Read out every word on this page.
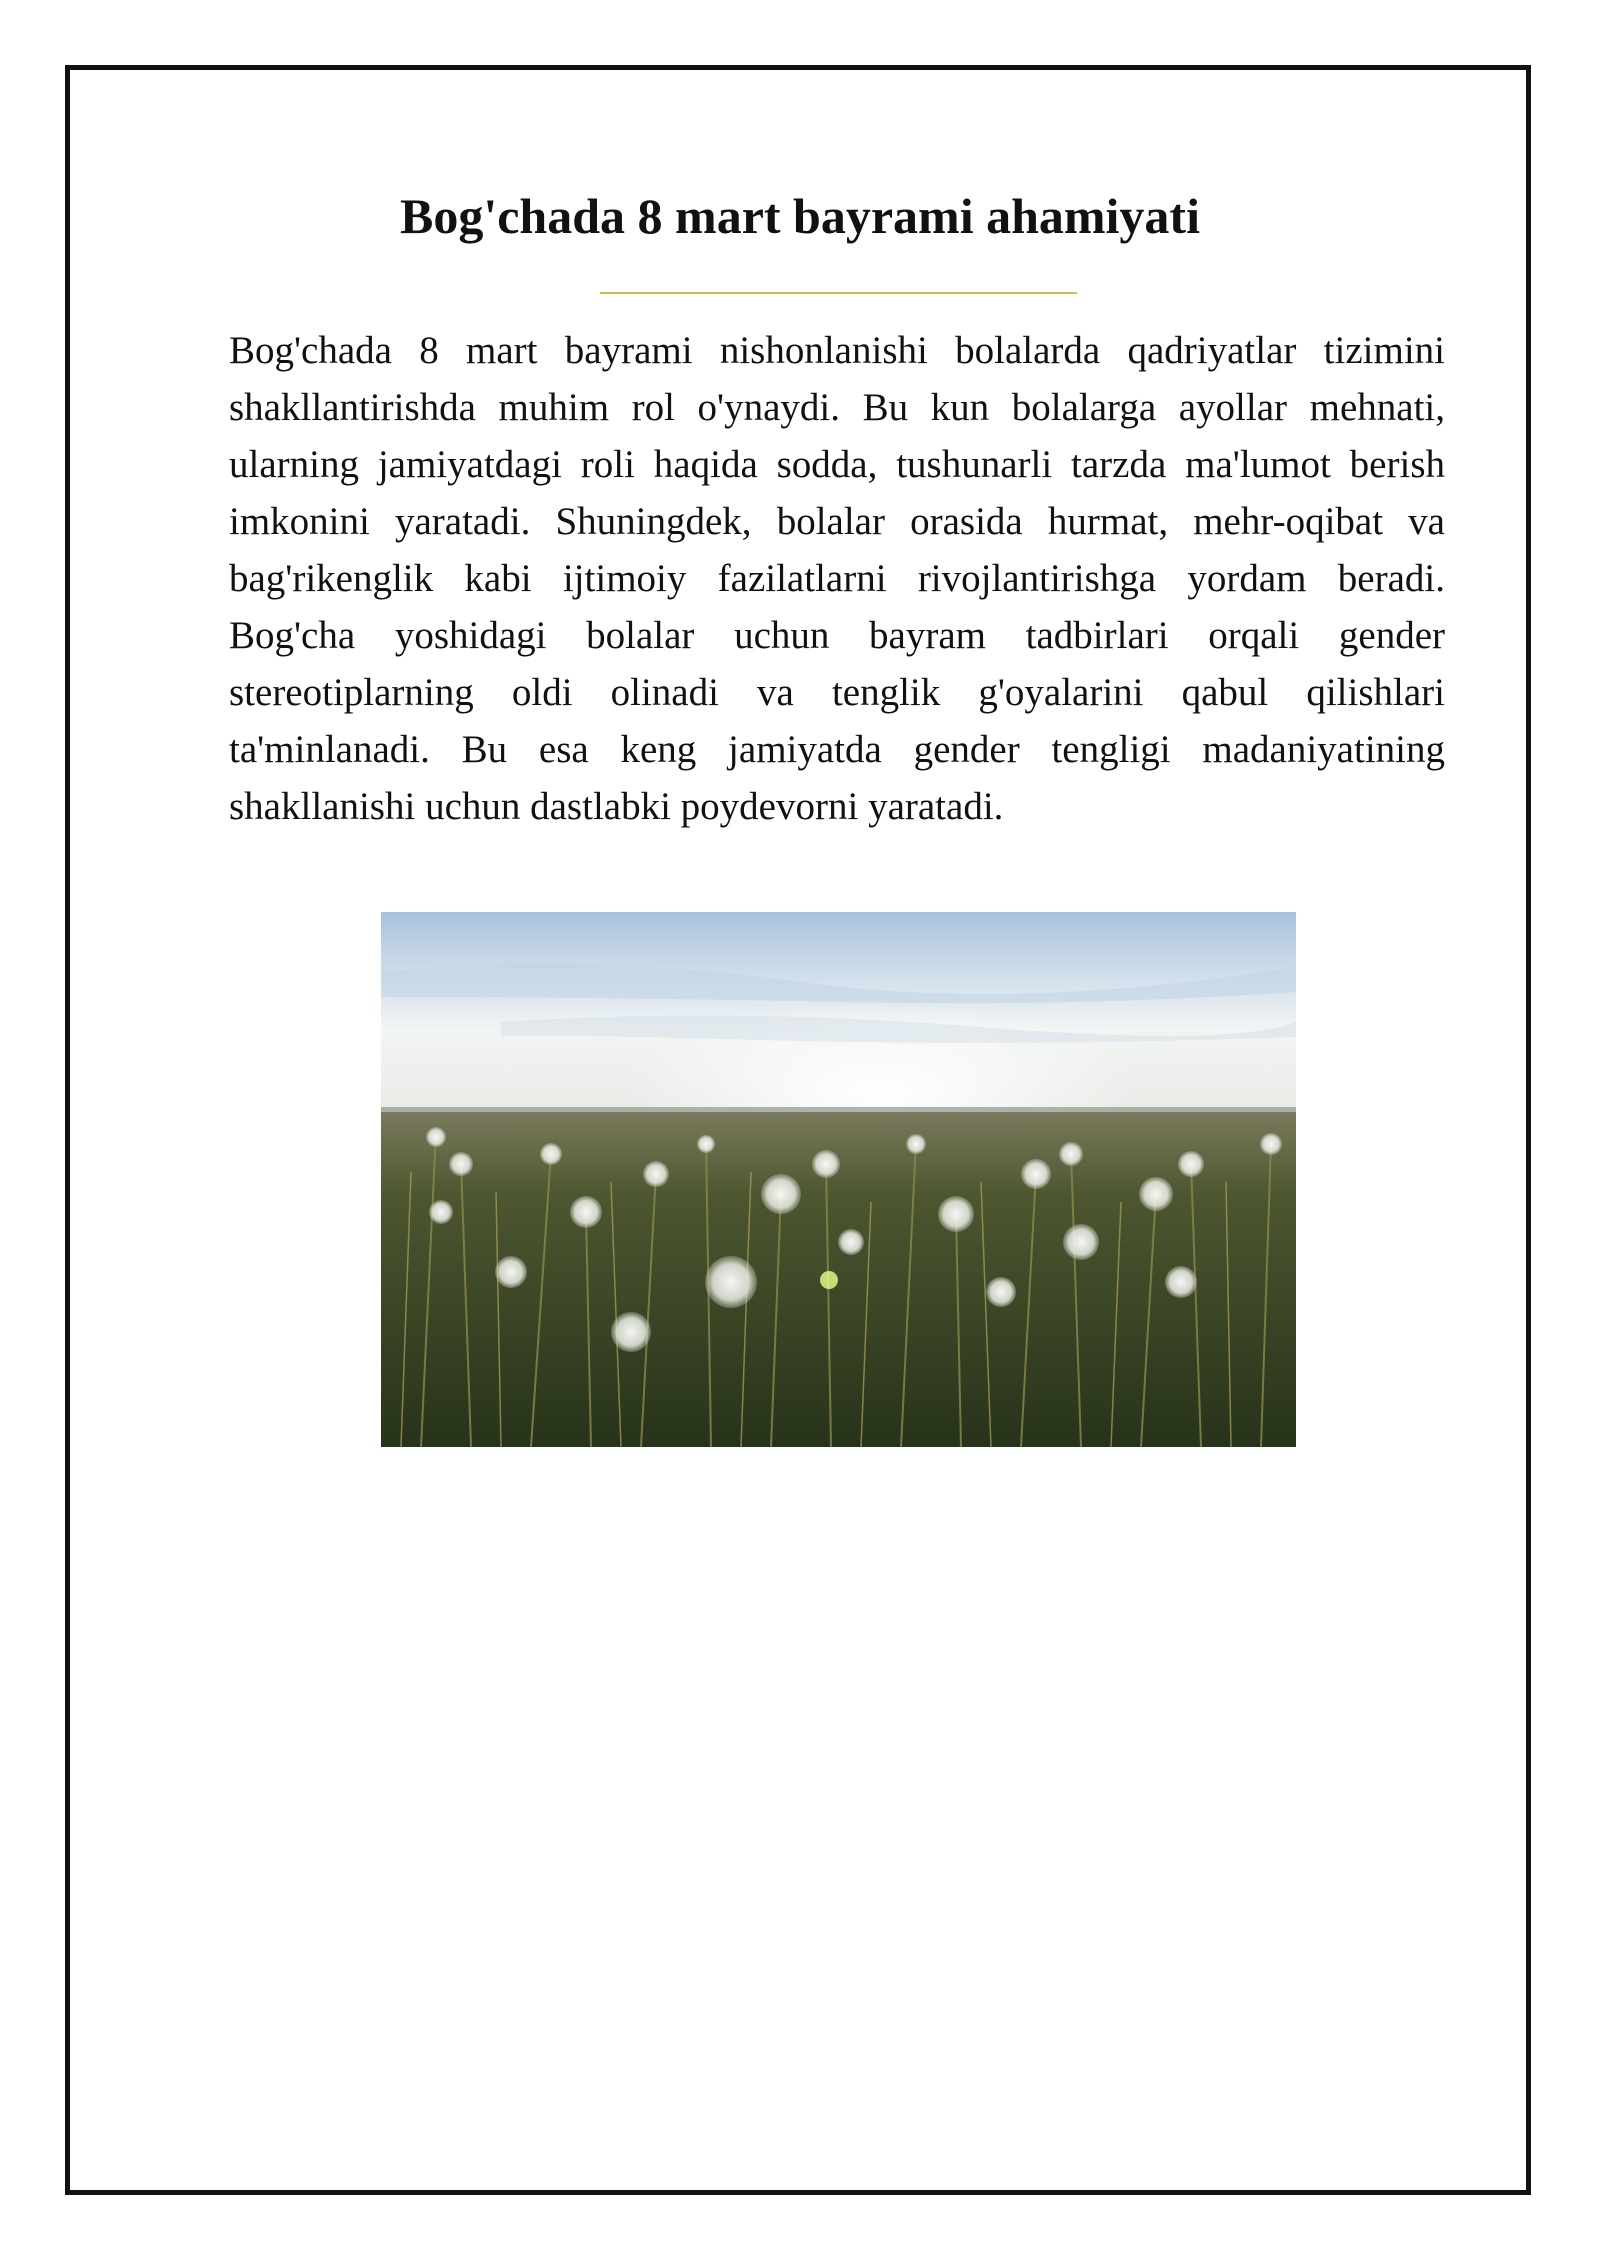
Bog'chada 8 mart bayrami ahamiyati

Bog'chada 8 mart bayrami nishonlanishi bolalarda qadriyatlar tizimini shakllantirishda muhim rol o'ynaydi. Bu kun bolalarga ayollar mehnati, ularning jamiyatdagi roli haqida sodda, tushunarli tarzda ma'lumot berish imkonini yaratadi. Shuningdek, bolalar orasida hurmat, mehr-oqibat va bag'rikenglik kabi ijtimoiy fazilatlarni rivojlantirishga yordam beradi. Bog'cha yoshidagi bolalar uchun bayram tadbirlari orqali gender stereotiplarning oldi olinadi va tenglik g'oyalarini qabul qilishlari ta'minlanadi. Bu esa keng jamiyatda gender tengligi madaniyatining shakllanishi uchun dastlabki poydevorni yaratadi.
